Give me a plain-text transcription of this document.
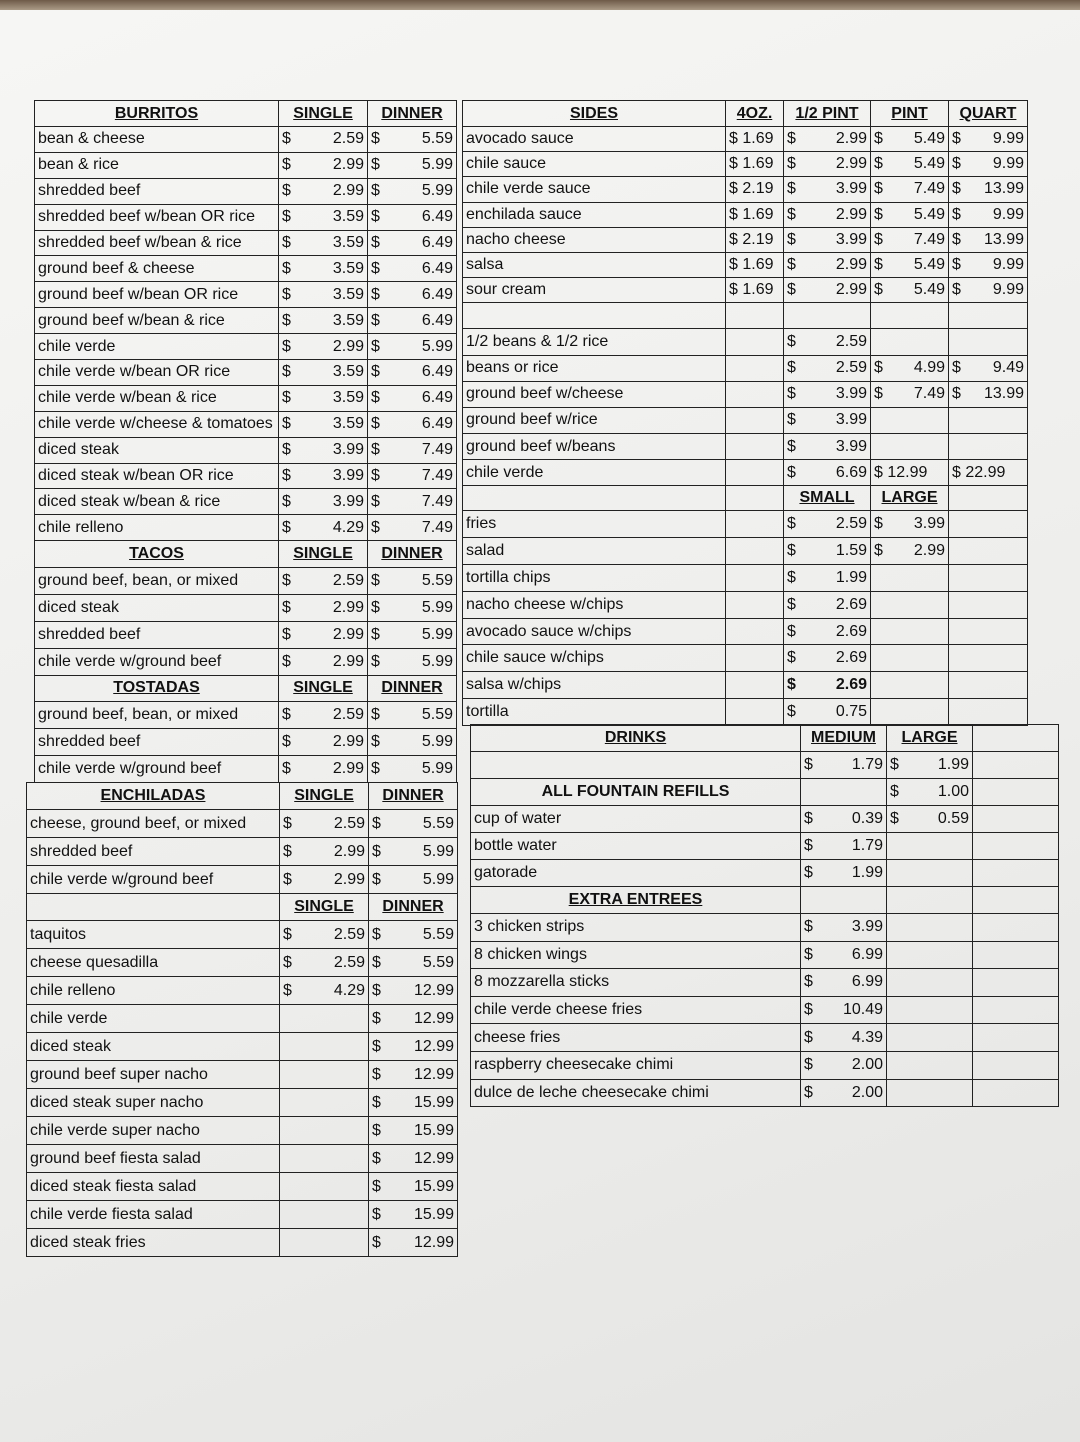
BURRITOS	SINGLE	DINNER
bean & cheese	$ 2.59	$ 5.59

bean & rice	$ 2.99	$ 5.99

shredded beef	$ 2.99	$ 5.99

shredded beef w/bean OR rice	$ 3.59	$ 6.49

shredded beef w/bean & rice	$ 3.59	$ 6.49

ground beef & cheese	$ 3.59	$ 6.49

ground beef w/bean OR rice	$ 3.59	$ 6.49

ground beef w/bean & rice	$ 3.59	$ 6.49

chile verde	$ 2.99	$ 5.99

chile verde w/bean OR rice	$ 3.59	$ 6.49

chile verde w/bean & rice	$ 3.59	$ 6.49

chile verde w/cheese & tomatoes	$ 3.59	$ 6.49

diced steak	$ 3.99	$ 7.49

diced steak w/bean OR rice	$ 3.99	$ 7.49

diced steak w/bean & rice	$ 3.99	$ 7.49

chile relleno	$ 4.29	$ 7.49

TACOS	SINGLE	DINNER
ground beef, bean, or mixed	$ 2.59	$ 5.59

diced steak	$ 2.99	$ 5.99

shredded beef	$ 2.99	$ 5.99

chile verde w/ground beef	$ 2.99	$ 5.99

TOSTADAS	SINGLE	DINNER
ground beef, bean, or mixed	$ 2.59	$ 5.59

shredded beef	$ 2.99	$ 5.99

chile verde w/ground beef	$ 2.99	$ 5.99
ENCHILADAS	SINGLE	DINNER
cheese, ground beef, or mixed	$ 2.59	$ 5.59

shredded beef	$ 2.99	$ 5.99

chile verde w/ground beef	$ 2.99	$ 5.99

	SINGLE	DINNER
taquitos	$ 2.59	$ 5.59

cheese quesadilla	$ 2.59	$ 5.59

chile relleno	$ 4.29	$ 12.99

chile verde		$ 12.99

diced steak		$ 12.99

ground beef super nacho		$ 12.99

diced steak super nacho		$ 15.99

chile verde super nacho		$ 15.99

ground beef fiesta salad		$ 12.99

diced steak fiesta salad		$ 15.99

chile verde fiesta salad		$ 15.99

diced steak fries		$ 12.99
SIDES	4OZ.	1/2 PINT	PINT	QUART
avocado sauce	$ 1.69	$ 2.99	$ 5.49	$ 9.99

chile sauce	$ 1.69	$ 2.99	$ 5.49	$ 9.99

chile verde sauce	$ 2.19	$ 3.99	$ 7.49	$ 13.99

enchilada sauce	$ 1.69	$ 2.99	$ 5.49	$ 9.99

nacho cheese	$ 2.19	$ 3.99	$ 7.49	$ 13.99

salsa	$ 1.69	$ 2.99	$ 5.49	$ 9.99

sour cream	$ 1.69	$ 2.99	$ 5.49	$ 9.99

1/2 beans & 1/2 rice		$ 2.59		

beans or rice		$ 2.59	$ 4.99	$ 9.49

ground beef w/cheese		$ 3.99	$ 7.49	$ 13.99

ground beef w/rice		$ 3.99		

ground beef w/beans		$ 3.99		

chile verde		$ 6.69	$ 12.99	$ 22.99
		SMALL	LARGE	
fries		$ 2.59	$ 3.99	

salad		$ 1.59	$ 2.99	

tortilla chips		$ 1.99		

nacho cheese w/chips		$ 2.69		

avocado sauce w/chips		$ 2.69		

chile sauce w/chips		$ 2.69		

salsa w/chips		$ 2.69		

tortilla		$ 0.75		

DRINKS	MEDIUM	LARGE	

	$ 1.79	$ 1.99	

ALL FOUNTAIN REFILLS		$ 1.00	

cup of water	$ 0.39	$ 0.59	

bottle water	$ 1.79		

gatorade	$ 1.99		

EXTRA ENTREES			
3 chicken strips	$ 3.99		

8 chicken wings	$ 6.99		

8 mozzarella sticks	$ 6.99		

chile verde cheese fries	$ 10.49		

cheese fries	$ 4.39		

raspberry cheesecake chimi	$ 2.00		

dulce de leche cheesecake chimi	$ 2.00		
